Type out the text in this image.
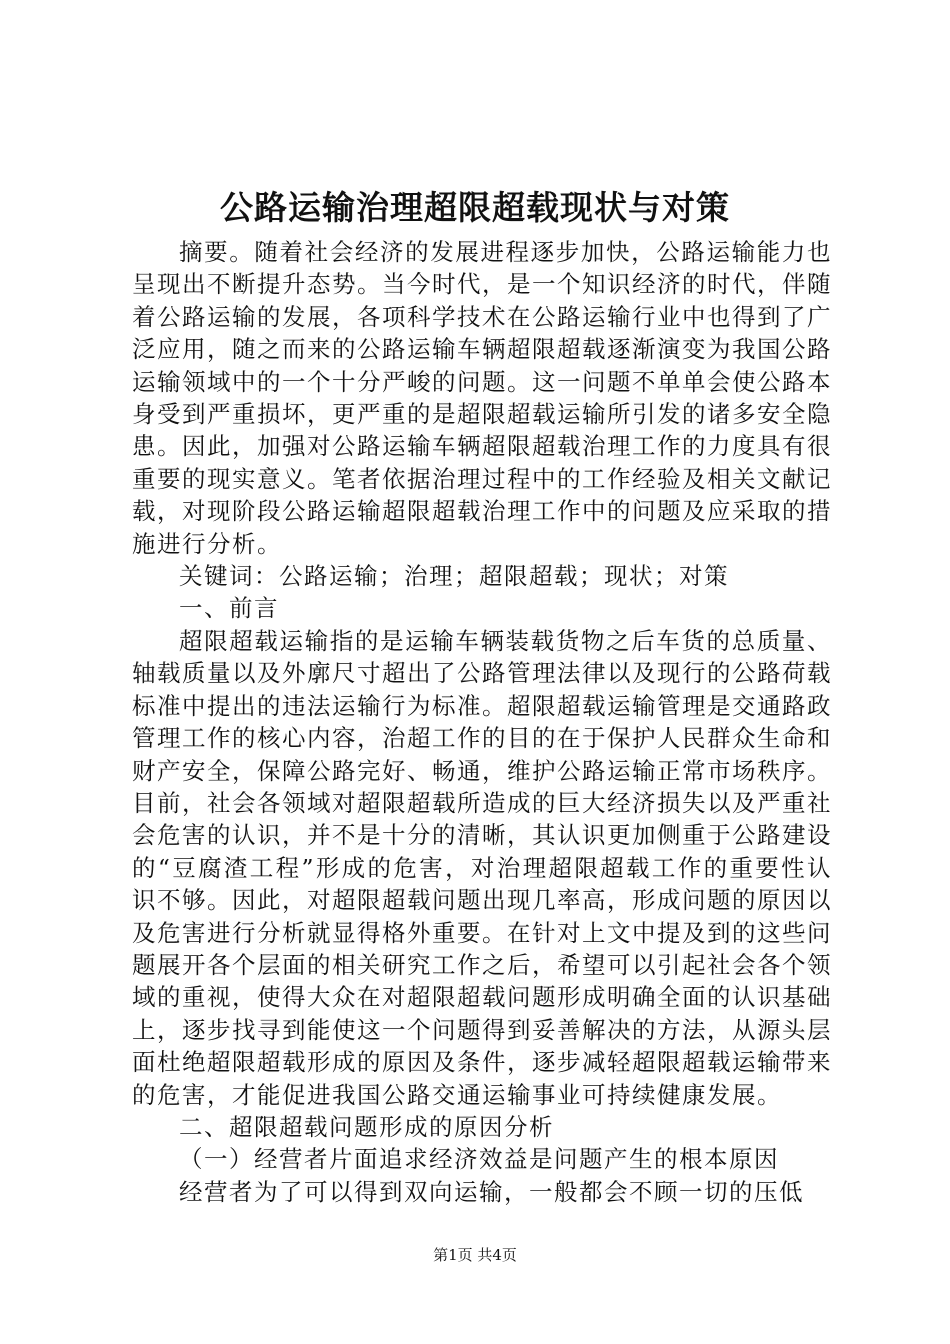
公路运输治理超限超载现状与对策

摘要。随着社会经济的发展进程逐步加快，公路运输能力也呈现出不断提升态势。当今时代，是一个知识经济的时代，伴随着公路运输的发展，各项科学技术在公路运输行业中也得到了广泛应用，随之而来的公路运输车辆超限超载逐渐演变为我国公路运输领域中的一个十分严峻的问题。这一问题不单单会使公路本身受到严重损坏，更严重的是超限超载运输所引发的诸多安全隐患。因此，加强对公路运输车辆超限超载治理工作的力度具有很重要的现实意义。笔者依据治理过程中的工作经验及相关文献记载，对现阶段公路运输超限超载治理工作中的问题及应采取的措施进行分析。

关键词：公路运输；治理；超限超载；现状；对策

一、前言

超限超载运输指的是运输车辆装载货物之后车货的总质量、轴载质量以及外廓尺寸超出了公路管理法律以及现行的公路荷载标准中提出的违法运输行为标准。超限超载运输管理是交通路政管理工作的核心内容，治超工作的目的在于保护人民群众生命和财产安全，保障公路完好、畅通，维护公路运输正常市场秩序。目前，社会各领域对超限超载所造成的巨大经济损失以及严重社会危害的认识，并不是十分的清晰，其认识更加侧重于公路建设的“豆腐渣工程”形成的危害，对治理超限超载工作的重要性认识不够。因此，对超限超载问题出现几率高，形成问题的原因以及危害进行分析就显得格外重要。在针对上文中提及到的这些问题展开各个层面的相关研究工作之后，希望可以引起社会各个领域的重视，使得大众在对超限超载问题形成明确全面的认识基础上，逐步找寻到能使这一个问题得到妥善解决的方法，从源头层面杜绝超限超载形成的原因及条件，逐步减轻超限超载运输带来的危害，才能促进我国公路交通运输事业可持续健康发展。

二、超限超载问题形成的原因分析

（一）经营者片面追求经济效益是问题产生的根本原因

经营者为了可以得到双向运输，一般都会不顾一切的压低

第1页 共4页
